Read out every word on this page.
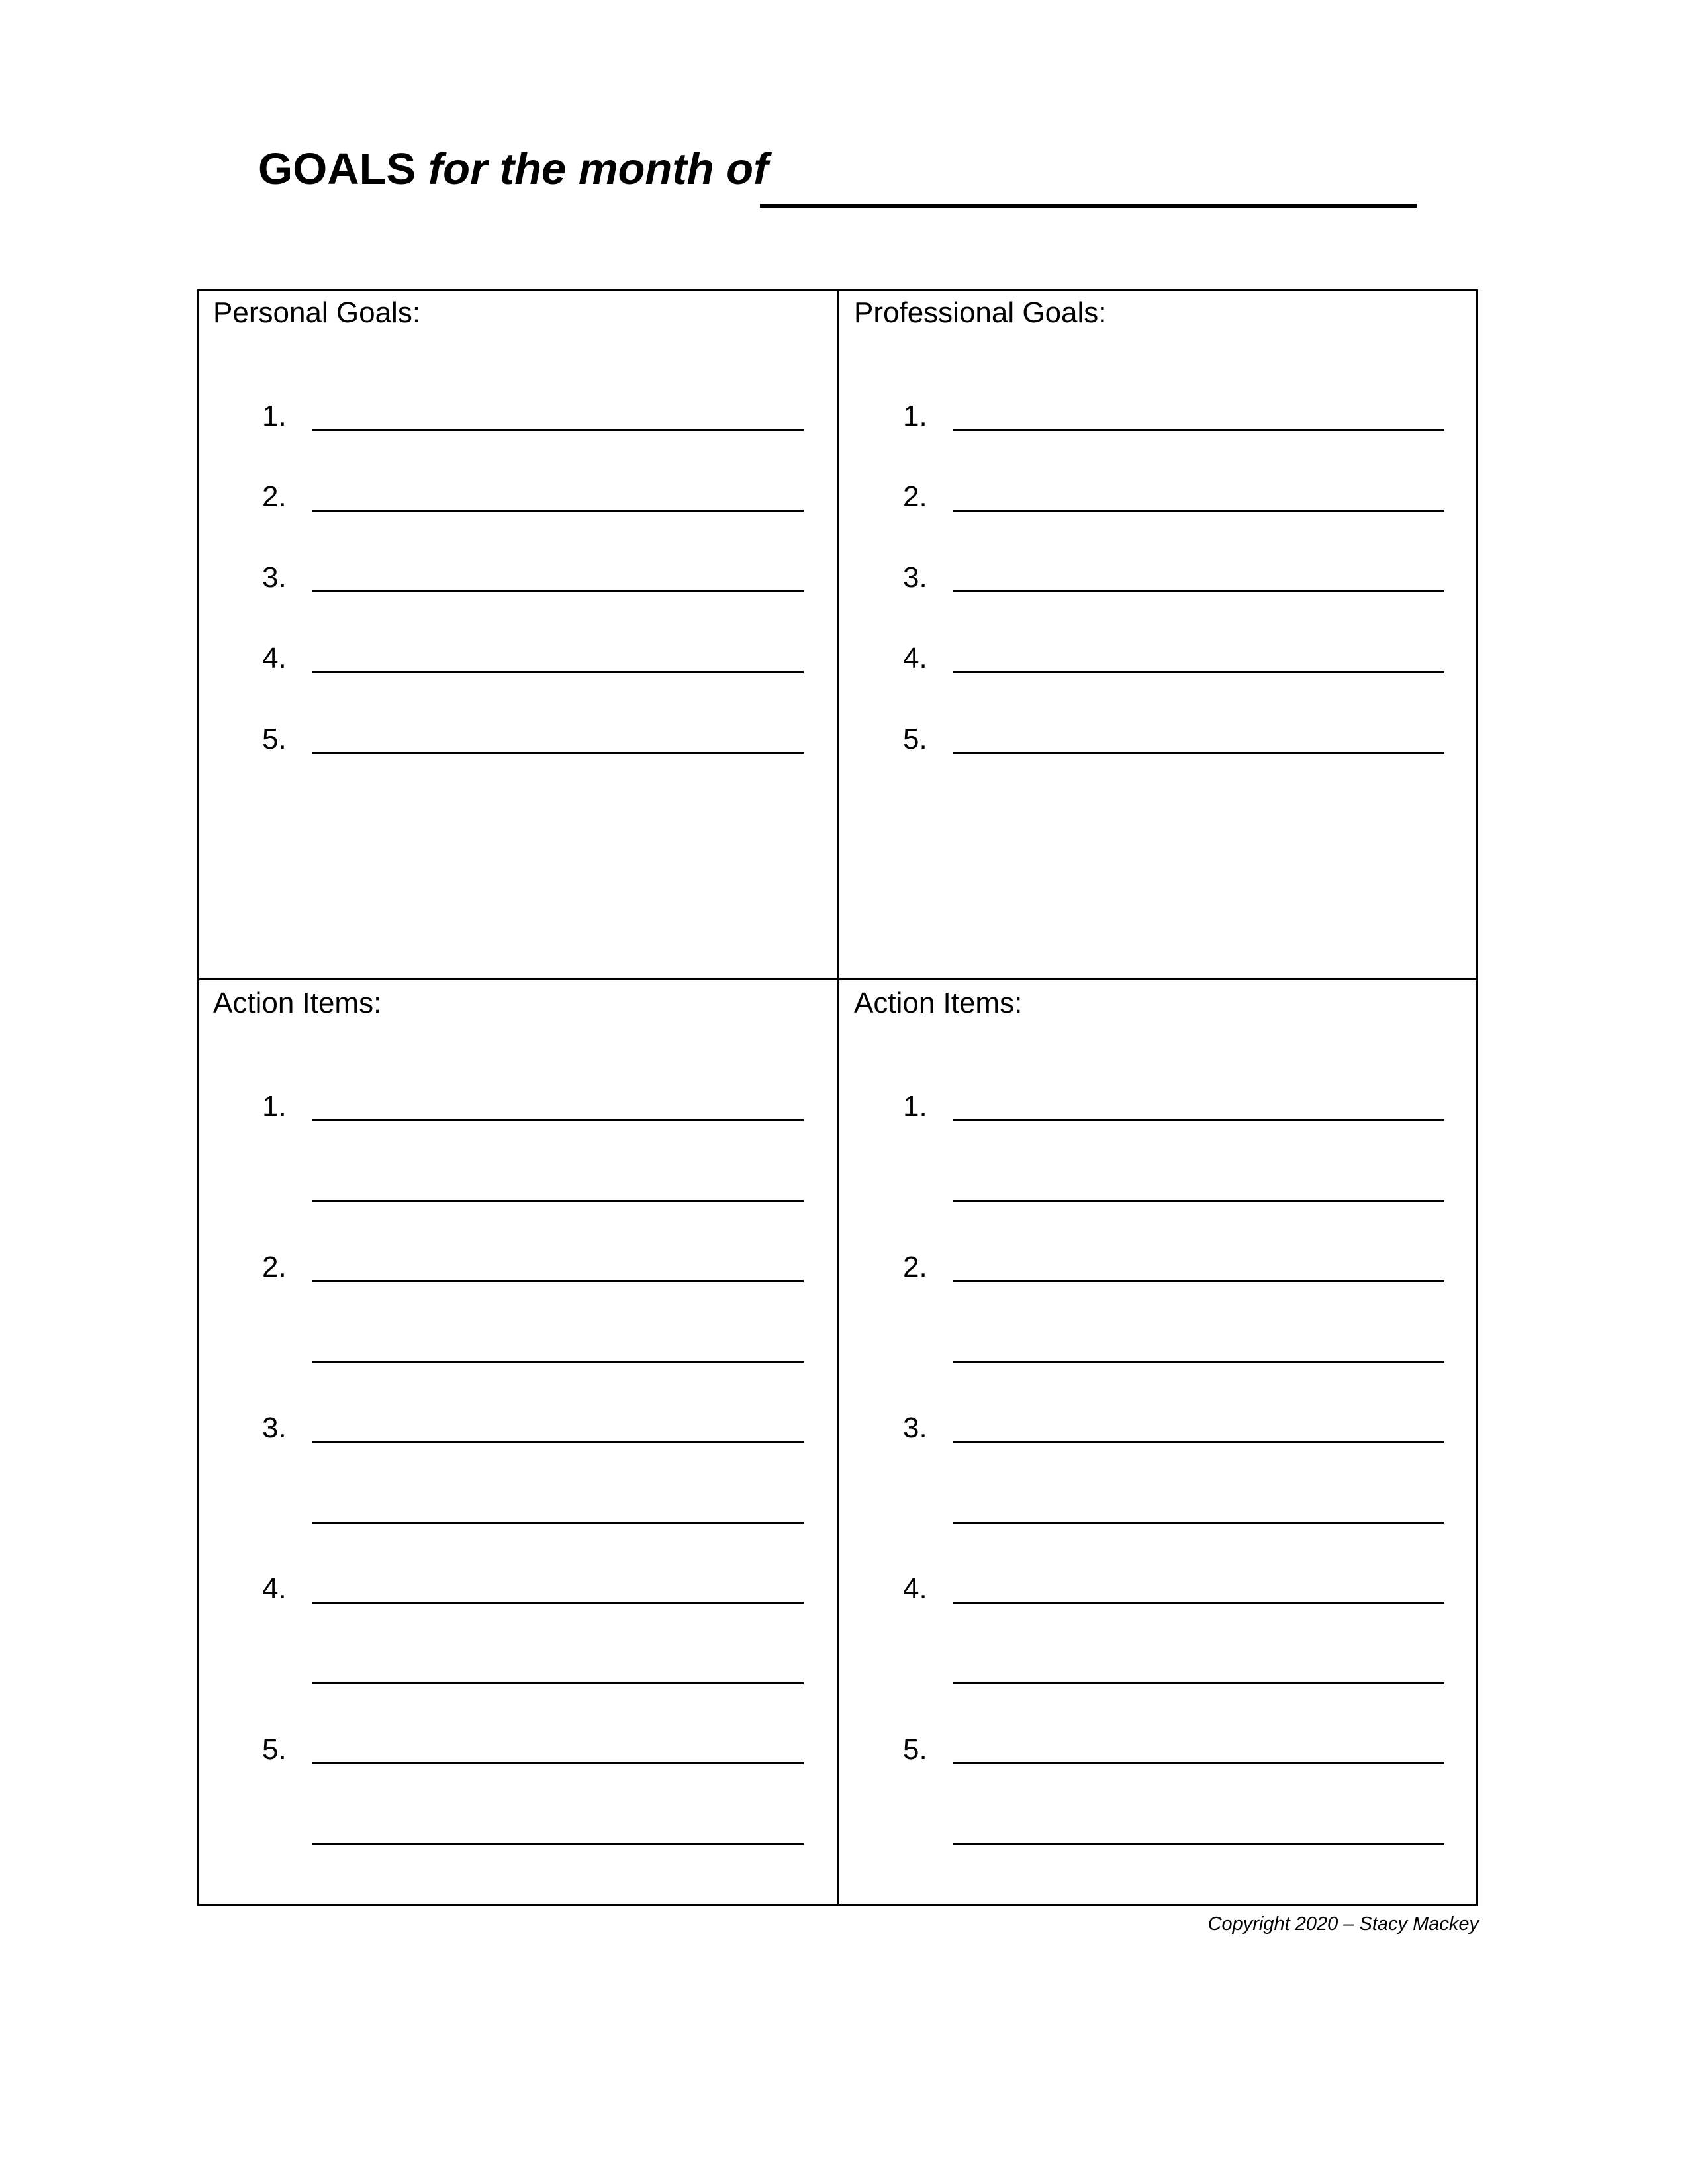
GOALS for the month of
Personal Goals:	Professional Goals:
Action Items:	Action Items:
1.
2.
3.
4.
5.
1.
2.
3.
4.
5.
1.
2.
3.
4.
5.
1.
2.
3.
4.
5.
Copyright 2020 – Stacy Mackey
